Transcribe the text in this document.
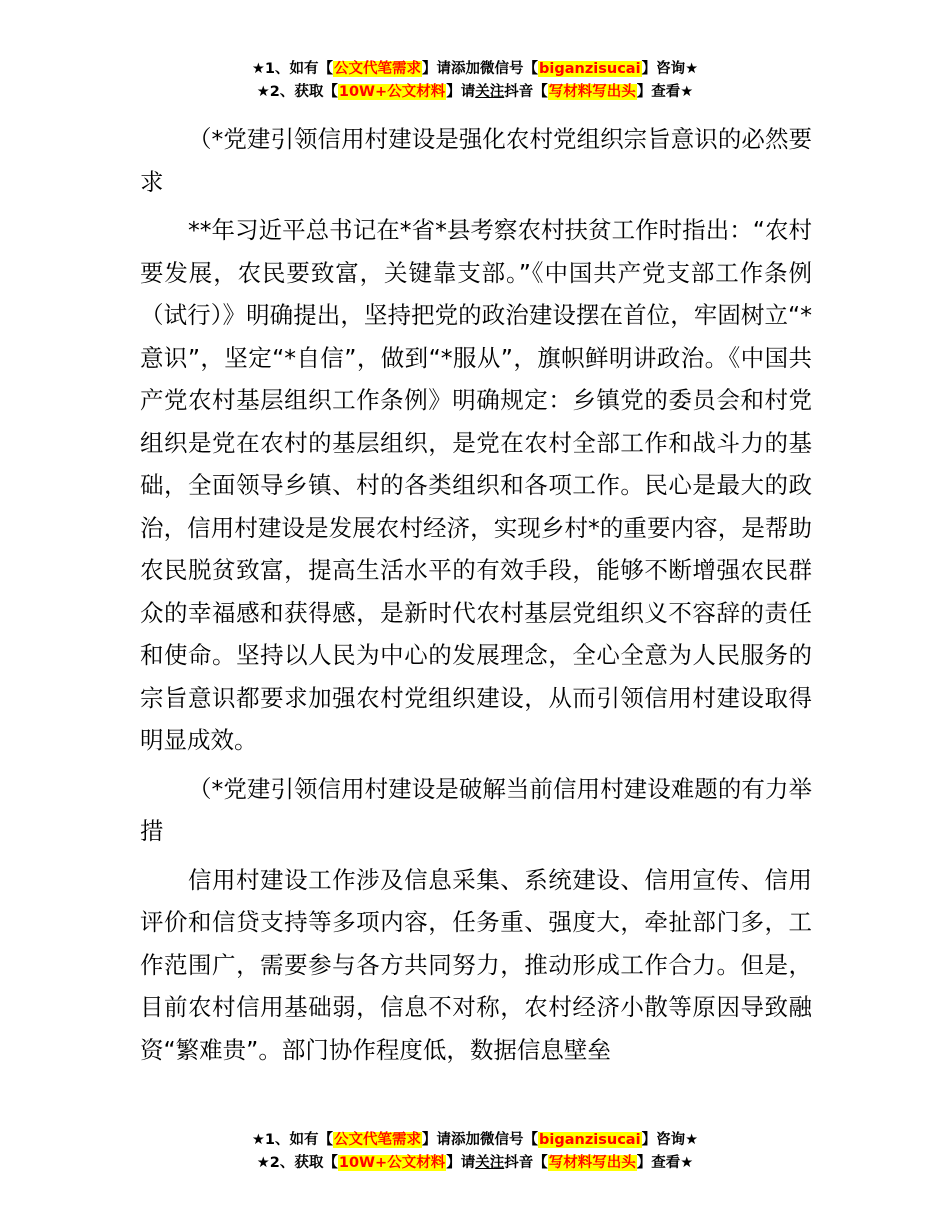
★1、如有【公文代笔需求】请添加微信号【biganzisucai】咨询★
★2、获取【10W+公文材料】请关注抖音【写材料写出头】查看★

（*党建引领信用村建设是强化农村党组织宗旨意识的必然要求

**年习近平总书记在*省*县考察农村扶贫工作时指出：“农村要发展，农民要致富，关键靠支部。”《中国共产党支部工作条例（试行）》明确提出，坚持把党的政治建设摆在首位，牢固树立“*意识”，坚定“*自信”，做到“*服从”，旗帜鲜明讲政治。《中国共产党农村基层组织工作条例》明确规定：乡镇党的委员会和村党组织是党在农村的基层组织，是党在农村全部工作和战斗力的基础，全面领导乡镇、村的各类组织和各项工作。民心是最大的政治，信用村建设是发展农村经济，实现乡村*的重要内容，是帮助农民脱贫致富，提高生活水平的有效手段，能够不断增强农民群众的幸福感和获得感，是新时代农村基层党组织义不容辞的责任和使命。坚持以人民为中心的发展理念，全心全意为人民服务的宗旨意识都要求加强农村党组织建设，从而引领信用村建设取得明显成效。

（*党建引领信用村建设是破解当前信用村建设难题的有力举措

信用村建设工作涉及信息采集、系统建设、信用宣传、信用评价和信贷支持等多项内容，任务重、强度大，牵扯部门多，工作范围广，需要参与各方共同努力，推动形成工作合力。但是，目前农村信用基础弱，信息不对称，农村经济小散等原因导致融资“繁难贵”。部门协作程度低，数据信息壁垒

★1、如有【公文代笔需求】请添加微信号【biganzisucai】咨询★
★2、获取【10W+公文材料】请关注抖音【写材料写出头】查看★
